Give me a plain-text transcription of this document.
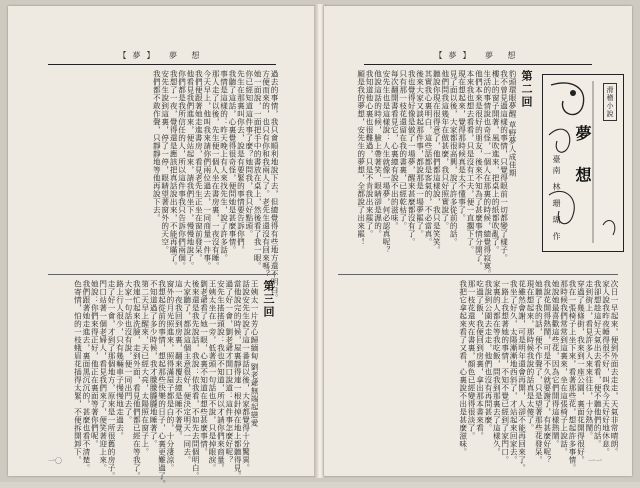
【夢】 夢 想
過去的事情，我只會順利地說下去，但總覺得有些地方還不明白。
方便而來的，也只有你和我兩人了。老先生還沒有回來嗎？
她一面說，一面把手中的書放在桌上，然後看了我一眼。
你已經知道這件事了麼？她問我，我只好點頭。
先生在那裏叫你去，說是有要緊的事情要告訴你們。
我聽了這話，心裏覺得很奇怪，便問她是甚麼事情。
事情是這樣的：昨天晚上有人來找先生，說了許多話。
那人走了以後，先生便一個人坐在書房裏，一夜沒有睡。
今天早上，他叫我來請你們兩位過去，一同商量一件事。
我們便跟著她走進書房，看見老先生正坐在窗前發呆。
他看見我們進來，便站起來，請我們坐下，慢慢地說了。
你們都是我所信任的人，所以這件事我只告訴你們兩個。
我想了一夜，覺得還是應該把真話說出來，不能再瞞了。
安先生說到這裏，停了一停，眼睛望著窗外的天空。
我們都不敢作聲，只靜靜地等他再說下去。
第三回
王姨太一片芳心歸緬甸 劉老爺無端起戀愛
話說安先生說了這一番話以後，大家都覺得十分驚異。
當他說完的時候，屋裏靜得連一根針掉在地上都聽得見。
過了好一會，劉老爺才開口說道：這件事怎麼好呢？
安先生搖搖頭說：我也不知道，所以才請你們來商量。
王姨太坐在一旁，低著頭一句話也不說，只是掉眼淚。
劉老爺看了她一眼，心裏不知道在想些甚麼事情。
後來還是我先說話，我說：依我看，不如先去問個明白。
大家聽了，都說這個主意很好，便決定明天一同去。
這一夜我回到房裏，翻來覆去總是睡不著覺。
窗外的月光照進來，照得滿屋子都是白的，十分淒涼。
我想起從前的事情，想起那些快樂的日子，心裏更難過了。
不知道過了多少時候，我才朦朦朧朧地睡著了。
第二天早上醒來，天已經大亮，太陽照在窗子上。
我連忙起來洗臉，走到外面，看見他們都已經在等我了。
大家一句話也沒有說，便一同出門去了。
路上行人很少，只有幾輛車子慢慢地走過去。
走了好一會，才到了那個地方，原來是一所很舊的房子。
門口站著一個老婦人，看見我們來了，便笑著迎上來。
她說：你們來得正好，他正在裏面等著你們呢。
我們跟著她走進去，裏面黑沉沉的，甚麼也看不清楚。
色寄情，怕的一枝蛾眉花插得太緊，不便拆開卸下。
一〇
【夢】 夢 想
滑稽小說
夢 想
臺南 林 珊 瑚 作
第二回
豹頭環眼夢醒 草野夢人成佳期
我不曾見過這樣的事情，只覺得眼前一切都變了樣子。
樓上的窗子開著，風吹進來，把桌上的紙都吹亂了。
生活的事情說也奇怪，一個人在那裏的時候，總覺得寂寞。
他們本來是很好的朋友，後來不知為了甚麼事情分開了。
本來我也想去看看，只是沒有工夫，便一直擱下了。
現在想起來，覺得那時候真是太不懂事了。
見了面以後，大家都很高興，說了許多從前的話。
他們問我這幾年在做甚麼，我只好照實說了。
聽說你現在很得意了，他們都這樣說，我只是笑笑。
其實我心裏明白，這些話都是客氣的，不必當真。
後來大家又談起那件事，都說那是一場夢罷了。
我也覺得好像是做了一場夢，醒來甚麼都沒有了。
只有那一枝花還留在我的書裏，已經乾枯了。
每次翻開書看見它，心裏總有說不出的滋味。
安先生也是這樣說：人生就像一場夢，何必認真呢？
他說這話的時候，臉上帶著笑，眼睛卻是濕的。
我知道他心裏也很難過，只是不肯說出來罷了。
願是我的夢想，安先生的夢想，全都說了出來罷！
次日一早起來，便到外面去走走，天氣非常晴朗。
家人說我昨夜睡得很不好，叫我今天好好地休息。
我卻想趁這好天氣出去看看，便不聽他們的話。
走到街上，看見許多人來來往往，十分熱鬧。
穿過了幾條街，我來到一座公園，裏面花開得很好。
我在一張椅子上坐下來，看著那些花，想起許多事情。
那時候我們常常到這裏來，坐在這張椅子上說話。
她說她最喜歡這些花，因為它們開得這樣熱鬧。
我說花開得熱鬧，可是不久就要謝了，有甚麼好呢？
她聽了我的話，便不作聲了，只是望著那些花發呆。
現在想起來，那時候我說的話真是太傻了。
花雖然會謝，可是明年還會再開，人卻不能再回來了。
我坐了好久，太陽漸漸地西斜了，才站起來回家去。
一路上我想著她的事情，不知不覺已經到了家門口。
家裏的人都在等我吃飯，問我到那裏去了這樣久。
我說到公園去走走，他們也沒有再問甚麼。
吃過了飯，我便回到房裏，拿出那本書來看。
那一枝花還夾在書裏，顏色已經變得很淡了。
我把它拿起來看了又看，心裏說不出是甚麼滋味。
一一
